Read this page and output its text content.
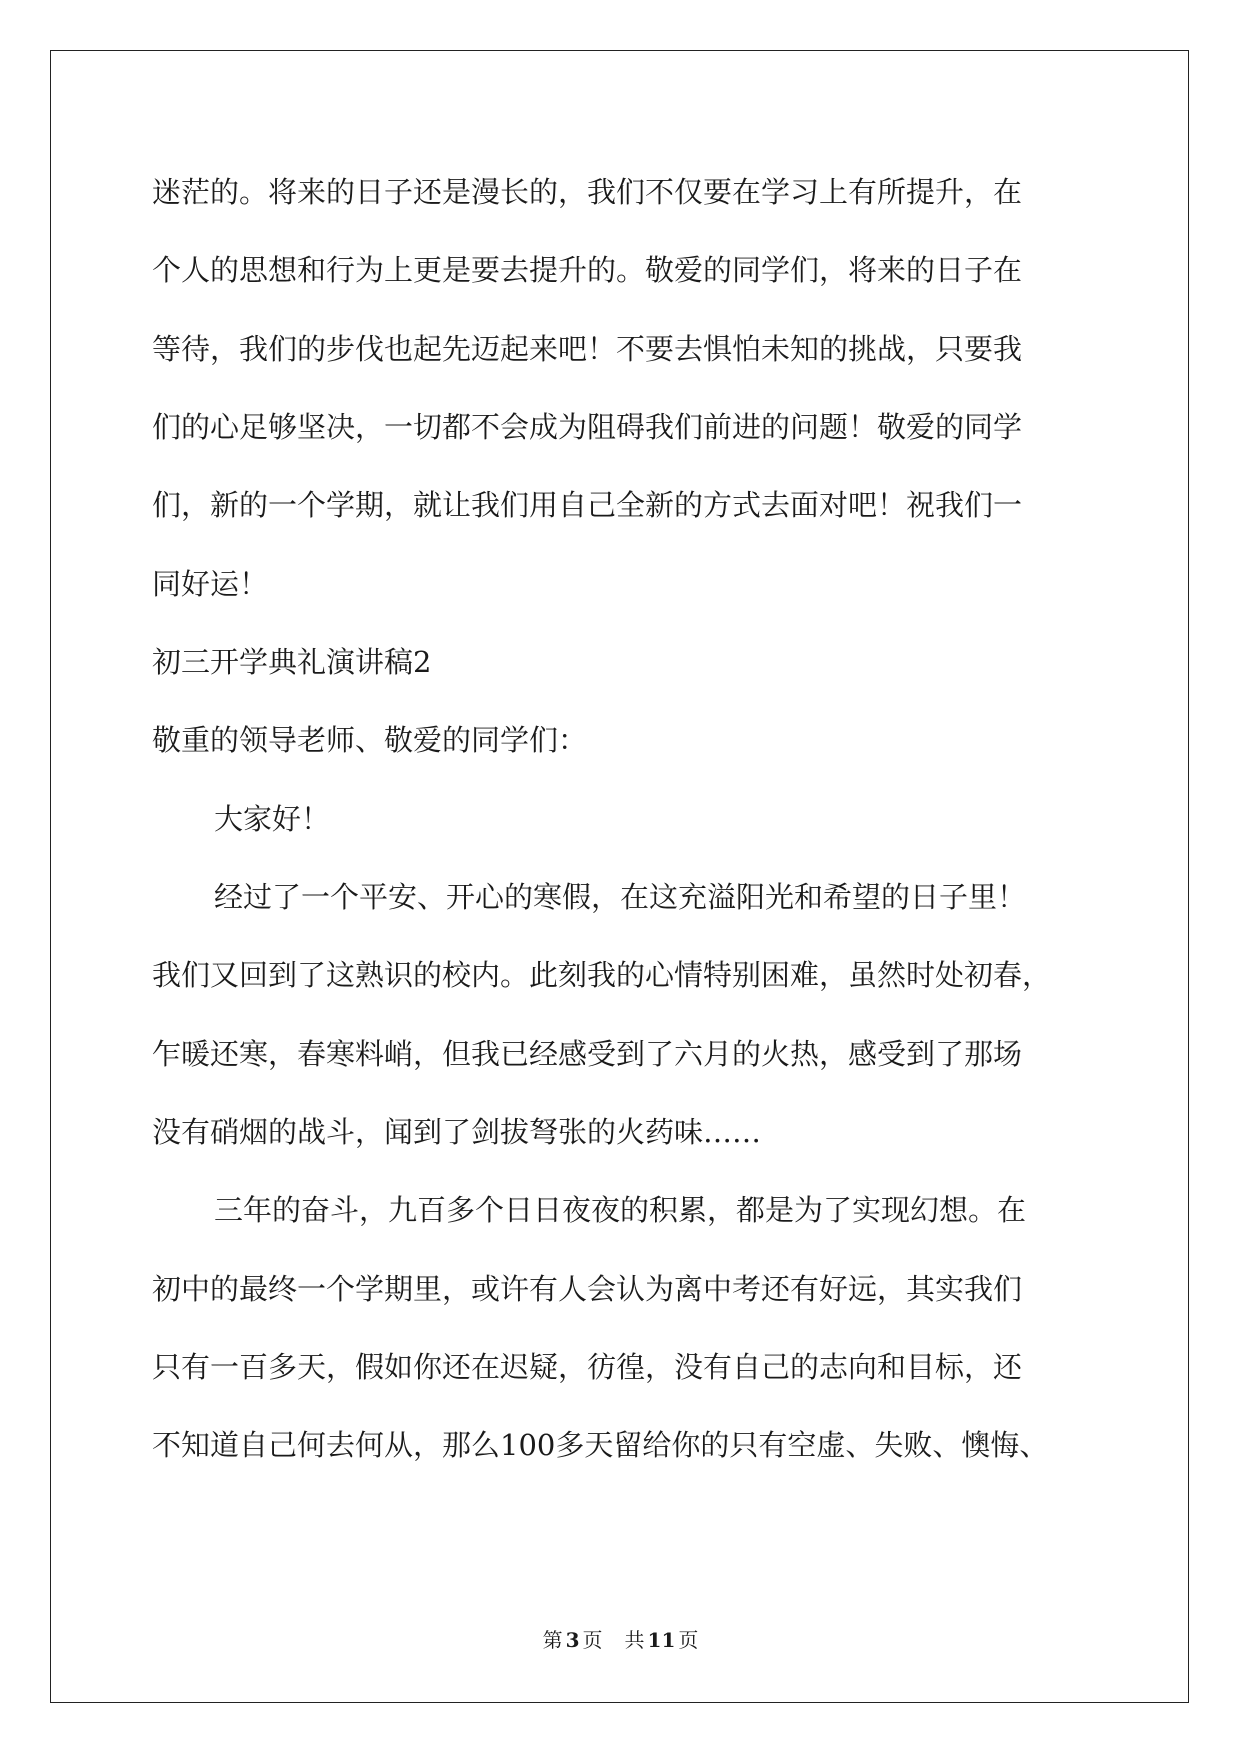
迷茫的。将来的日子还是漫长的，我们不仅要在学习上有所提升，在

个人的思想和行为上更是要去提升的。敬爱的同学们，将来的日子在

等待，我们的步伐也起先迈起来吧！不要去惧怕未知的挑战，只要我

们的心足够坚决，一切都不会成为阻碍我们前进的问题！敬爱的同学

们，新的一个学期，就让我们用自己全新的方式去面对吧！祝我们一

同好运！

初三开学典礼演讲稿2

敬重的领导老师、敬爱的同学们：

大家好！

经过了一个平安、开心的寒假，在这充溢阳光和希望的日子里！

我们又回到了这熟识的校内。此刻我的心情特别困难，虽然时处初春，

乍暖还寒，春寒料峭，但我已经感受到了六月的火热，感受到了那场

没有硝烟的战斗，闻到了剑拔弩张的火药味……

三年的奋斗，九百多个日日夜夜的积累，都是为了实现幻想。在

初中的最终一个学期里，或许有人会认为离中考还有好远，其实我们

只有一百多天，假如你还在迟疑，彷徨，没有自己的志向和目标，还

不知道自己何去何从，那么100多天留给你的只有空虚、失败、懊悔、

第 3 页 共 11 页
